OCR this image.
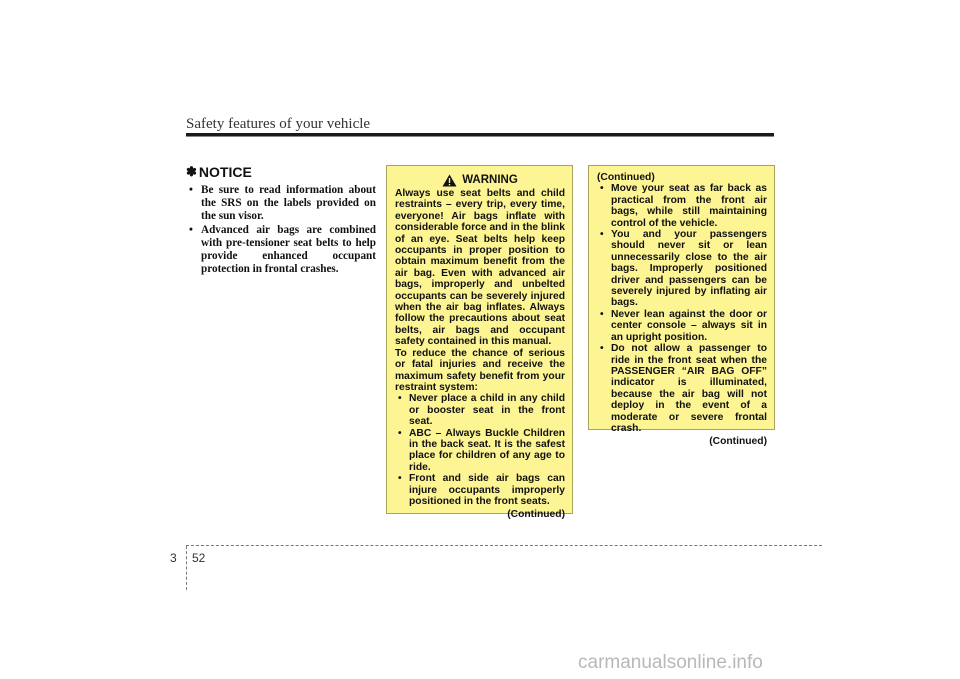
Safety features of your vehicle
✽ NOTICE
• Be sure to read information about the SRS on the labels provided on the sun visor.
• Advanced air bags are combined with pre-tensioner seat belts to help provide enhanced occupant protection in frontal crashes.
WARNING
Always use seat belts and child restraints – every trip, every time, everyone! Air bags inflate with considerable force and in the blink of an eye. Seat belts help keep occupants in proper position to obtain maximum benefit from the air bag. Even with advanced air bags, improperly and unbelted occupants can be severely injured when the air bag inflates. Always follow the precautions about seat belts, air bags and occupant safety contained in this manual.
To reduce the chance of serious or fatal injuries and receive the maximum safety benefit from your restraint system:
• Never place a child in any child or booster seat in the front seat.
• ABC – Always Buckle Children in the back seat. It is the safest place for children of any age to ride.
• Front and side air bags can injure occupants improperly positioned in the front seats.
(Continued)
(Continued)
• Move your seat as far back as practical from the front air bags, while still maintaining control of the vehicle.
• You and your passengers should never sit or lean unnecessarily close to the air bags. Improperly positioned driver and passengers can be severely injured by inflating air bags.
• Never lean against the door or center console – always sit in an upright position.
• Do not allow a passenger to ride in the front seat when the PASSENGER “AIR BAG OFF” indicator is illuminated, because the air bag will not deploy in the event of a moderate or severe frontal crash.
(Continued)
3 52
carmanualsonline.info
